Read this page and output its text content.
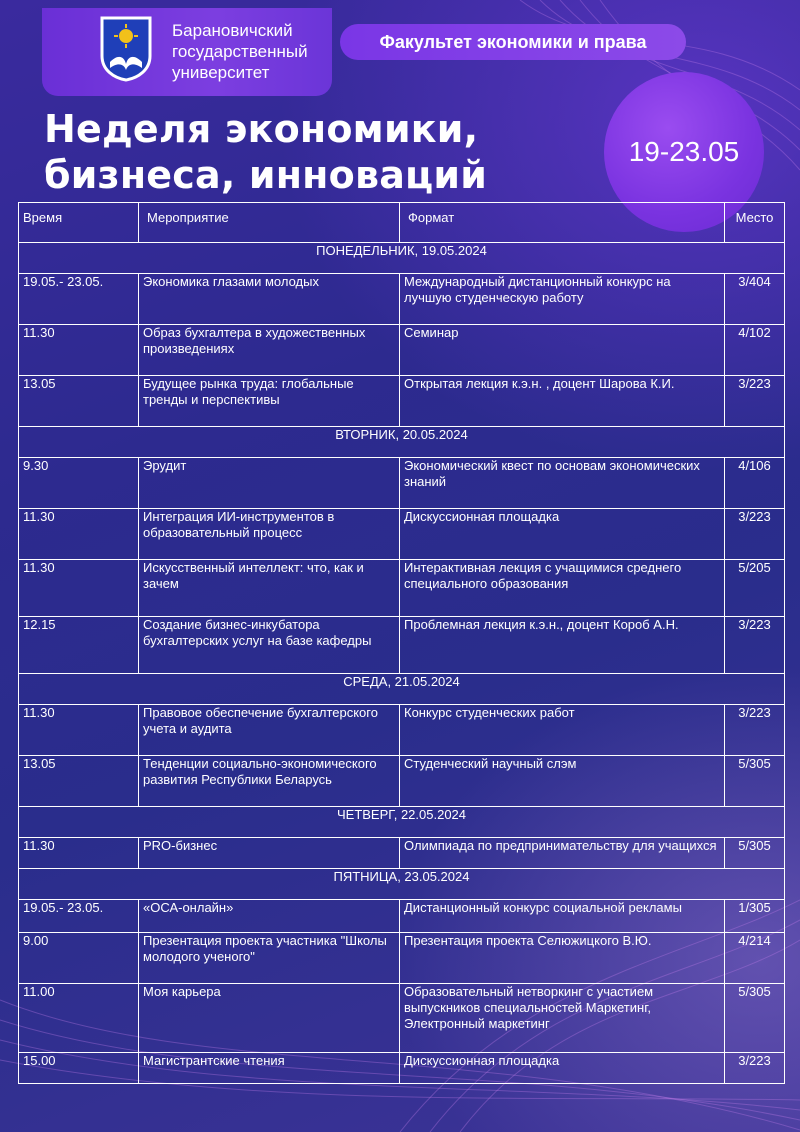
Барановичский
государственный
университет
Факультет экономики и права
Неделя экономики,
бизнеса, инноваций
19-23.05
Время	Мероприятие	Формат	Место
ПОНЕДЕЛЬНИК, 19.05.2024			
19.05.- 23.05.	Экономика глазами молодых	Международный дистанционный конкурс на лучшую студенческую работу	3/404
11.30	Образ бухгалтера в художественных произведениях	Семинар	4/102
13.05	Будущее рынка труда: глобальные тренды и перспективы	Открытая лекция к.э.н. , доцент Шарова К.И.	3/223
ВТОРНИК, 20.05.2024			
9.30	Эрудит	Экономический квест по основам экономических знаний	4/106
11.30	Интеграция ИИ-инструментов в образовательный процесс	Дискуссионная площадка	3/223
11.30	Искусственный интеллект: что, как и зачем	Интерактивная лекция с учащимися среднего специального образования	5/205
12.15	Создание бизнес-инкубатора бухгалтерских услуг на базе кафедры	Проблемная лекция к.э.н., доцент Короб А.Н.	3/223
СРЕДА, 21.05.2024			
11.30	Правовое обеспечение бухгалтерского учета и аудита	Конкурс студенческих работ	3/223
13.05	Тенденции социально-экономического развития Республики Беларусь	Студенческий научный слэм	5/305
ЧЕТВЕРГ, 22.05.2024			
11.30	PRO-бизнес	Олимпиада по предпринимательству для учащихся	5/305
ПЯТНИЦА, 23.05.2024			
19.05.- 23.05.	«ОСА-онлайн»	Дистанционный конкурс социальной рекламы	1/305
9.00	Презентация проекта участника "Школы молодого ученого"	Презентация проекта Селюжицкого В.Ю.	4/214
11.00	Моя карьера	Образовательный нетворкинг с участием выпускников специальностей Маркетинг, Электронный маркетинг	5/305
15.00	Магистрантские чтения	Дискуссионная площадка	3/223
